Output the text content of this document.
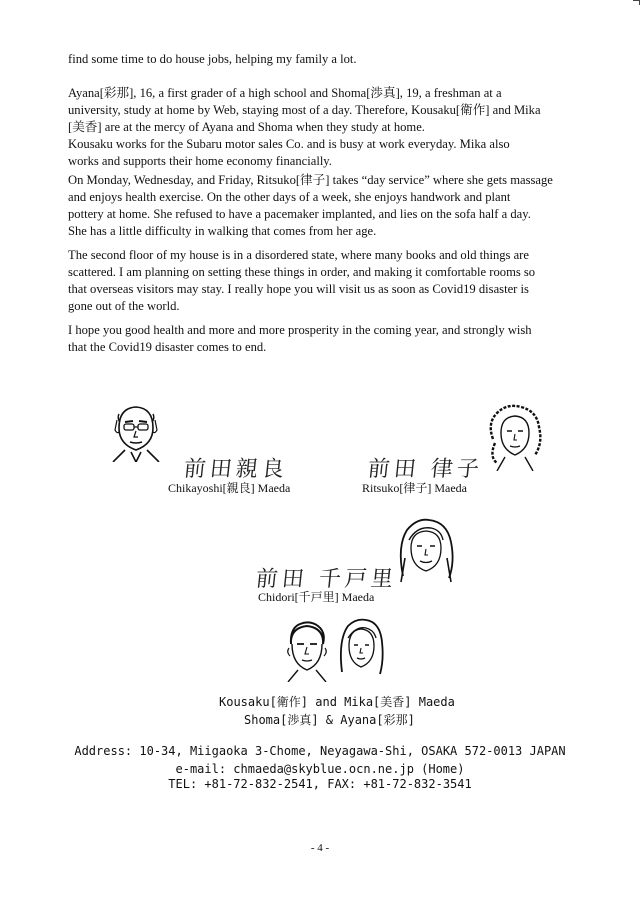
find some time to do house jobs, helping my family a lot.
Ayana[彩那], 16, a first grader of a high school and Shoma[渉真], 19, a freshman at a
university, study at home by Web, staying most of a day. Therefore, Kousaku[衛作] and Mika
[美香] are at the mercy of Ayana and Shoma when they study at home.
Kousaku works for the Subaru motor sales Co. and is busy at work everyday. Mika also
works and supports their home economy financially.
On Monday, Wednesday, and Friday, Ritsuko[律子] takes “day service” where she gets massage
and enjoys health exercise. On the other days of a week, she enjoys handwork and plant
pottery at home. She refused to have a pacemaker implanted, and lies on the sofa half a day.
She has a little difficulty in walking that comes from her age.
The second floor of my house is in a disordered state, where many books and old things are
scattered. I am planning on setting these things in order, and making it comfortable rooms so
that overseas visitors may stay. I really hope you will visit us as soon as Covid19 disaster is
gone out of the world.
I hope you good health and more and more prosperity in the coming year, and strongly wish
that the Covid19 disaster comes to end.
前田親良
Chikayoshi[親良] Maeda
前田 律子
Ritsuko[律子] Maeda
前田 千戸里
Chidori[千戸里] Maeda
Kousaku[衛作] and Mika[美香] Maeda
Shoma[渉真] & Ayana[彩那]
Address: 10-34, Miigaoka 3-Chome, Neyagawa-Shi, OSAKA 572-0013 JAPAN
e-mail: chmaeda@skyblue.ocn.ne.jp (Home)
TEL: +81-72-832-2541, FAX: +81-72-832-3541
- 4 -
